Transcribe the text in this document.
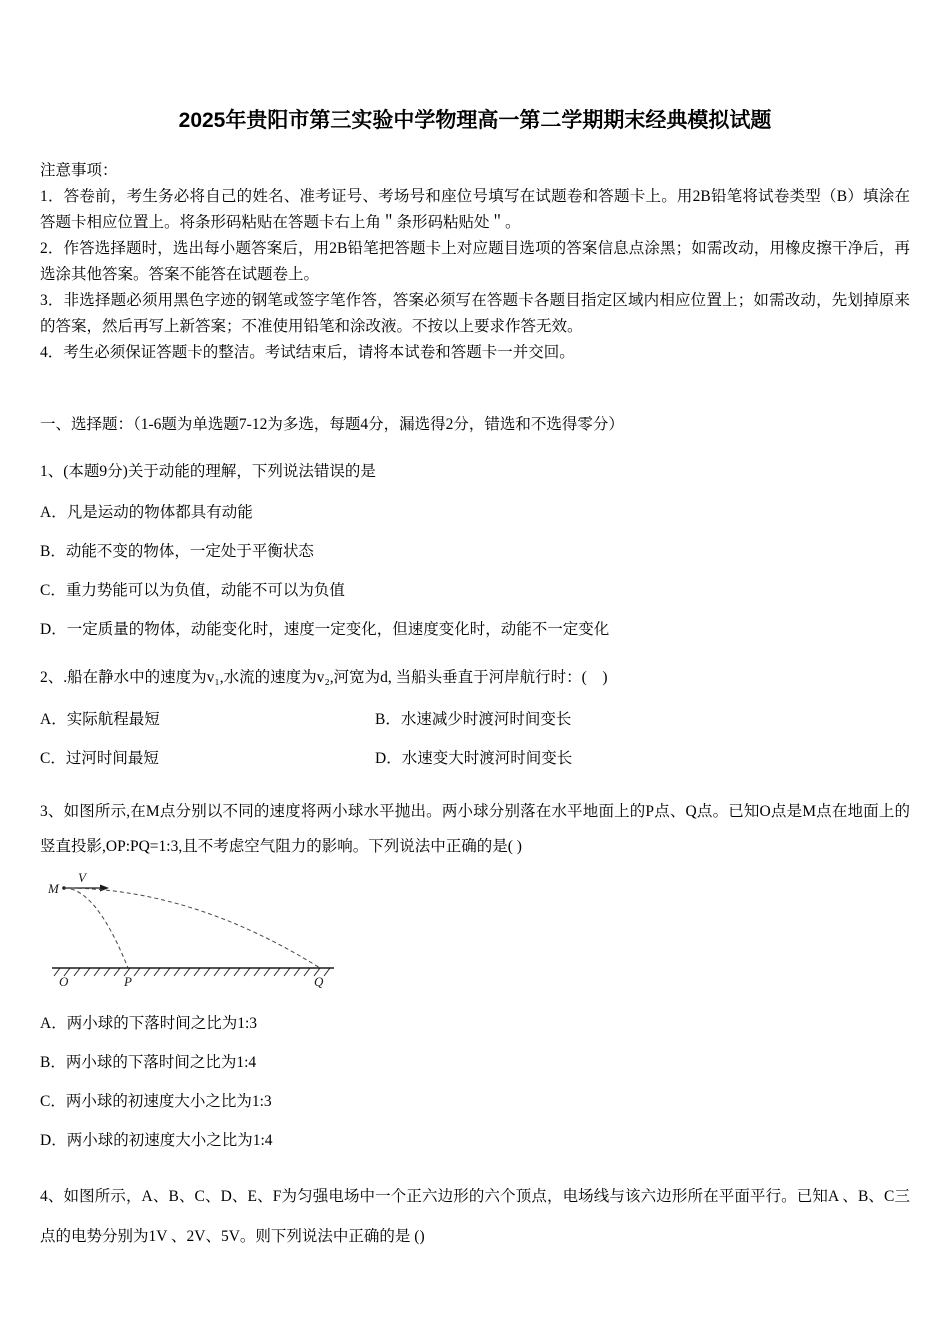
2025年贵阳市第三实验中学物理高一第二学期期末经典模拟试题

注意事项：

1．答卷前，考生务必将自己的姓名、准考证号、考场号和座位号填写在试题卷和答题卡上。用2B铅笔将试卷类型（B）填涂在答题卡相应位置上。将条形码粘贴在答题卡右上角＂条形码粘贴处＂。

2．作答选择题时，选出每小题答案后，用2B铅笔把答题卡上对应题目选项的答案信息点涂黑；如需改动，用橡皮擦干净后，再选涂其他答案。答案不能答在试题卷上。

3．非选择题必须用黑色字迹的钢笔或签字笔作答，答案必须写在答题卡各题目指定区域内相应位置上；如需改动，先划掉原来的答案，然后再写上新答案；不准使用铅笔和涂改液。不按以上要求作答无效。

4．考生必须保证答题卡的整洁。考试结束后，请将本试卷和答题卡一并交回。

一、选择题：（1-6题为单选题7-12为多选，每题4分，漏选得2分，错选和不选得零分）

1、(本题9分)关于动能的理解，下列说法错误的是

A．凡是运动的物体都具有动能

B．动能不变的物体，一定处于平衡状态

C．重力势能可以为负值，动能不可以为负值

D．一定质量的物体，动能变化时，速度一定变化，但速度变化时，动能不一定变化

2、.船在静水中的速度为v₁,水流的速度为v₂,河宽为d, 当船头垂直于河岸航行时：(　)

A．实际航程最短	B．水速减少时渡河时间变长
C．过河时间最短	D．水速变大时渡河时间变长

3、如图所示,在M点分别以不同的速度将两小球水平抛出。两小球分别落在水平地面上的P点、Q点。已知O点是M点在地面上的竖直投影,OP:PQ=1:3,且不考虑空气阻力的影响。下列说法中正确的是( )

M
V
O	P	Q

A．两小球的下落时间之比为1:3

B．两小球的下落时间之比为1:4

C．两小球的初速度大小之比为1:3

D．两小球的初速度大小之比为1:4

4、如图所示，A、B、C、D、E、F为匀强电场中一个正六边形的六个顶点，电场线与该六边形所在平面平行。已知A 、B、C三点的电势分别为1V 、2V、5V。则下列说法中正确的是 ()
